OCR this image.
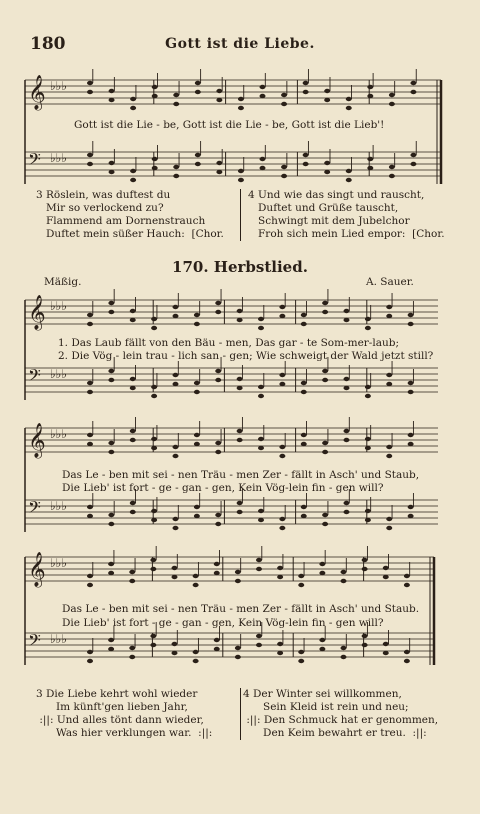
180	Gott ist die Liebe.
𝄞 ♭♭♭
𝄢 ♭♭♭
Gott ist die Lie - be, Gott ist die Lie - be, Gott ist die Lieb'!
3 Röslein, was duftest du
Mir so verlockend zu?
Flammend am Dornenstrauch
Duftet mein süßer Hauch:  [Chor.
4 Und wie das singt und rauscht,
Duftet und Grüße tauscht,
Schwingt mit dem Jubelchor
Froh sich mein Lied empor:  [Chor.
170. Herbstlied.
Mäßig.	A. Sauer.
𝄞 ♭♭♭
𝄢 ♭♭♭
1. Das Laub fällt von den Bäu - men, Das gar - te Som-mer-laub;
2. Die Vög - lein trau - lich san - gen; Wie schweigt der Wald jetzt still?
𝄞 ♭♭♭
𝄢 ♭♭♭
Das Le - ben mit sei - nen Träu - men Zer - fällt in Asch' und Staub,
Die Lieb' ist fort - ge - gan - gen, Kein Vög-lein fin - gen will?
𝄞 ♭♭♭
𝄢 ♭♭♭
Das Le - ben mit sei - nen Träu - men Zer - fällt in Asch' und Staub.
Die Lieb' ist fort - ge - gan - gen, Kein Vög-lein fin - gen will?
3 Die Liebe kehrt wohl wieder
Im künft'gen lieben Jahr,
:||: Und alles tönt dann wieder,
Was hier verklungen war.  :||:
4 Der Winter sei willkommen,
Sein Kleid ist rein und neu;
:||: Den Schmuck hat er genommen,
Den Keim bewahrt er treu.  :||:
